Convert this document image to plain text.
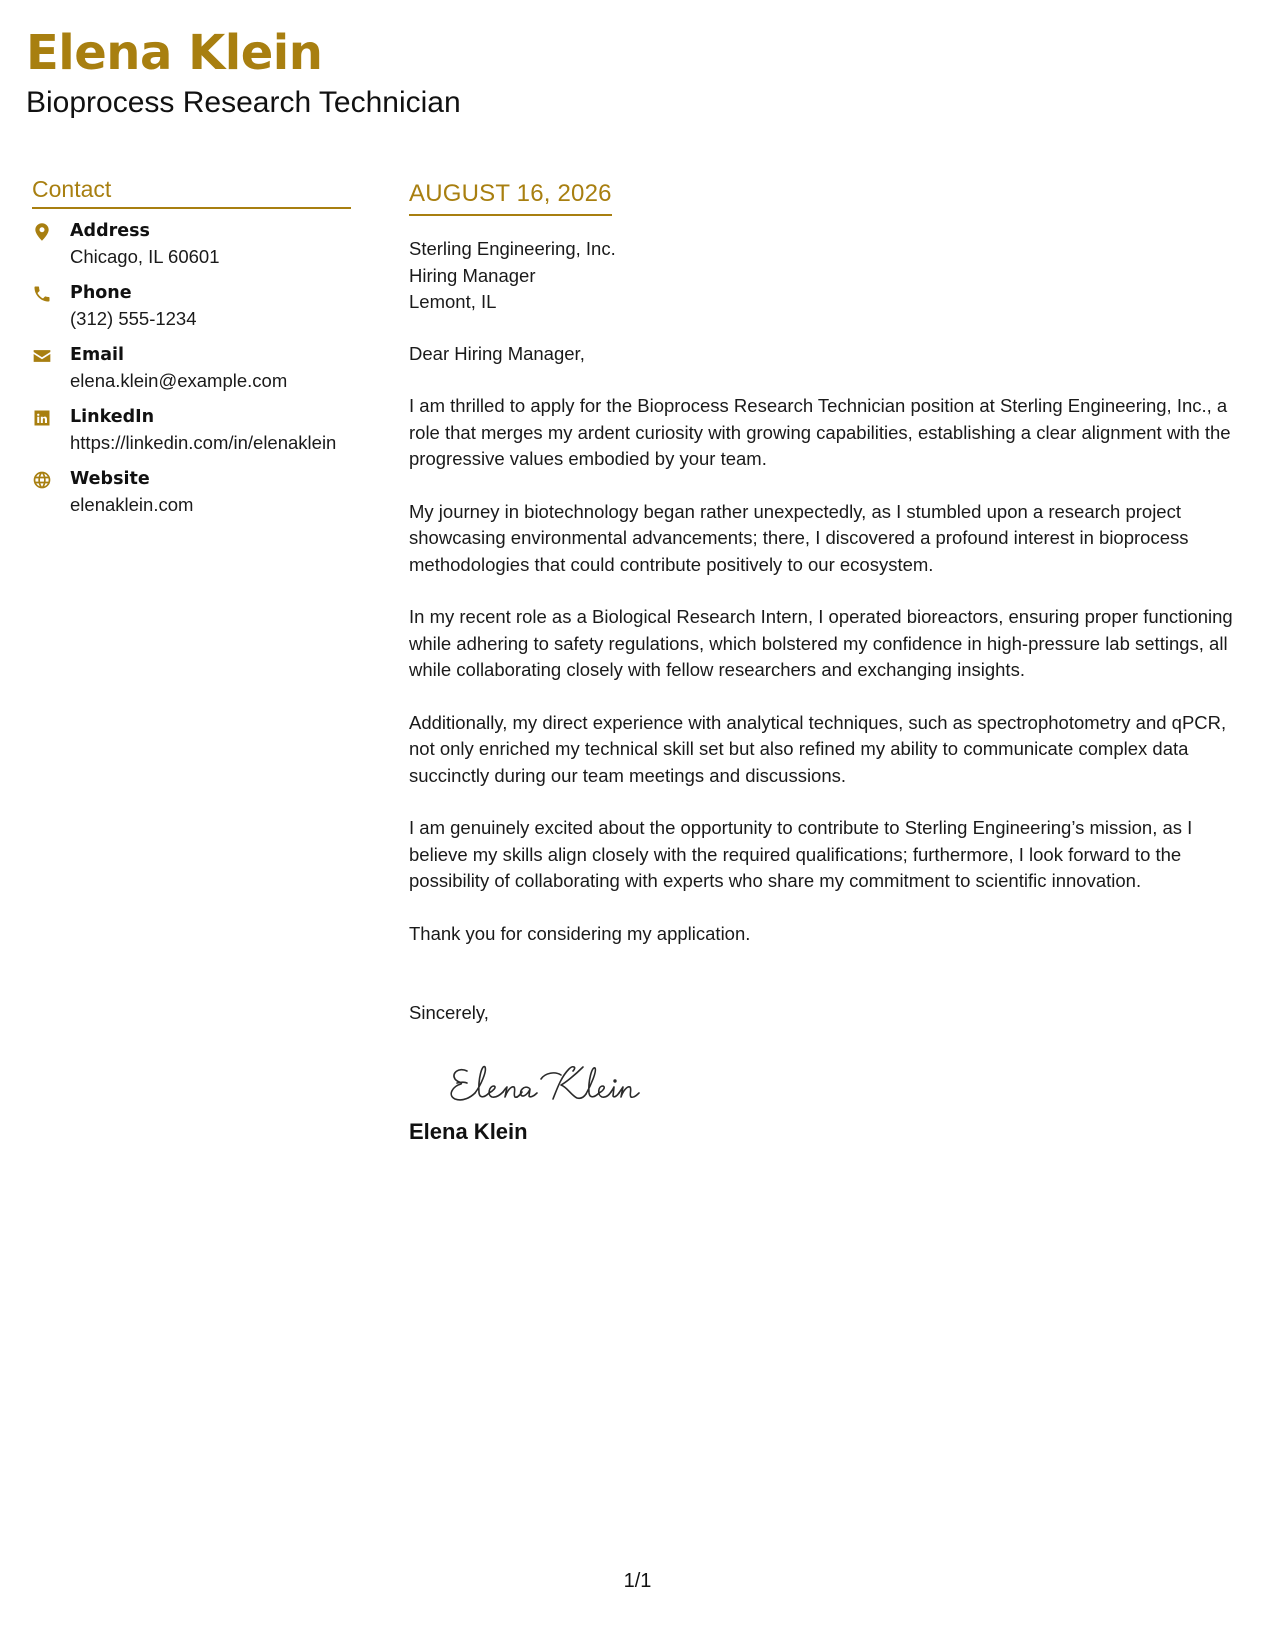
Elena Klein
Bioprocess Research Technician
Contact
Address
Chicago, IL 60601
Phone
(312) 555-1234
Email
elena.klein@example.com
LinkedIn
https://linkedin.com/in/elenaklein
Website
elenaklein.com
AUGUST 16, 2026
Sterling Engineering, Inc.
Hiring Manager
Lemont, IL

Dear Hiring Manager,

I am thrilled to apply for the Bioprocess Research Technician position at Sterling Engineering, Inc., a role that merges my ardent curiosity with growing capabilities, establishing a clear alignment with the progressive values embodied by your team.

My journey in biotechnology began rather unexpectedly, as I stumbled upon a research project showcasing environmental advancements; there, I discovered a profound interest in bioprocess methodologies that could contribute positively to our ecosystem.

In my recent role as a Biological Research Intern, I operated bioreactors, ensuring proper functioning while adhering to safety regulations, which bolstered my confidence in high-pressure lab settings, all while collaborating closely with fellow researchers and exchanging insights.

Additionally, my direct experience with analytical techniques, such as spectrophotometry and qPCR, not only enriched my technical skill set but also refined my ability to communicate complex data succinctly during our team meetings and discussions.

I am genuinely excited about the opportunity to contribute to Sterling Engineering’s mission, as I believe my skills align closely with the required qualifications; furthermore, I look forward to the possibility of collaborating with experts who share my commitment to scientific innovation.

Thank you for considering my application.

Sincerely,

Elena Klein
1/1
